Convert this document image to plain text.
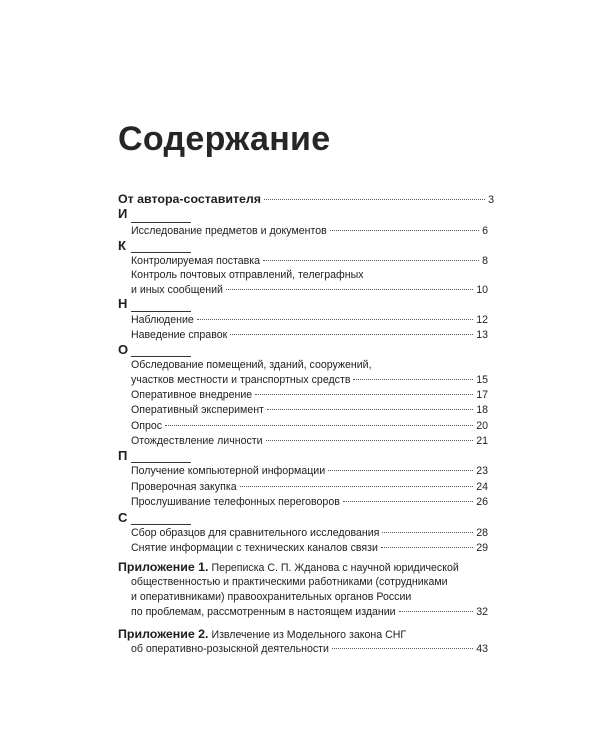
Содержание
От автора-составителя	3
И
Исследование предметов и документов	6
К
Контролируемая поставка	8
Контроль почтовых отправлений, телеграфных
и иных сообщений	10
Н
Наблюдение	12
Наведение справок	13
О
Обследование помещений, зданий, сооружений,
участков местности и транспортных средств	15
Оперативное внедрение	17
Оперативный эксперимент	18
Опрос	20
Отождествление личности	21
П
Получение компьютерной информации	23
Проверочная закупка	24
Прослушивание телефонных переговоров	26
С
Сбор образцов для сравнительного исследования	28
Снятие информации с технических каналов связи	29
Приложение 1. Переписка С. П. Жданова с научной юридической
общественностью и практическими работниками (сотрудниками
и оперативниками) правоохранительных органов России
по проблемам, рассмотренным в настоящем издании	32
Приложение 2. Извлечение из Модельного закона СНГ
об оперативно-розыскной деятельности	43
